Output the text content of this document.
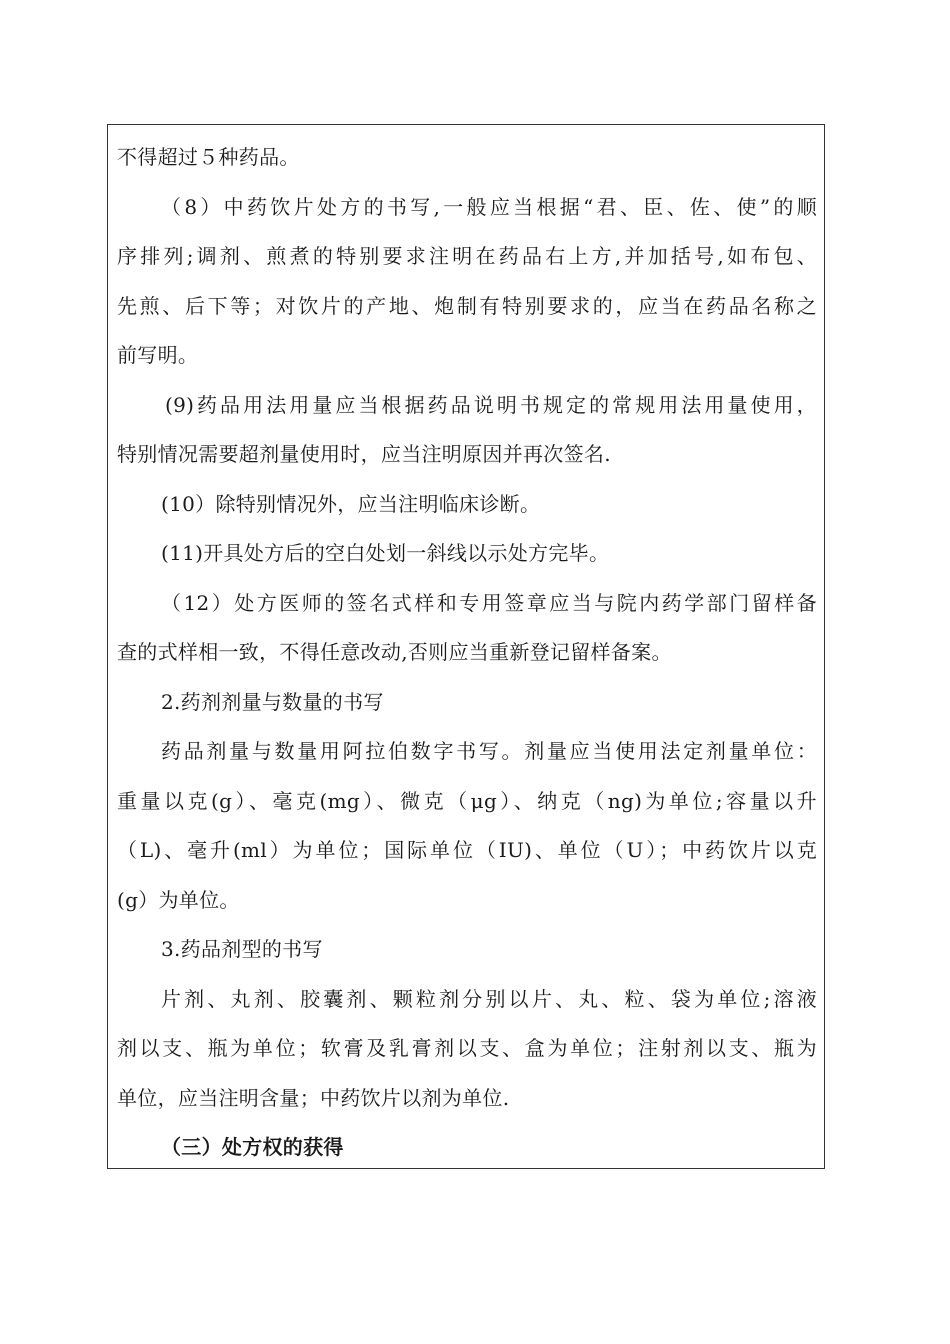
不得超过５种药品。
（8）中药饮片处方的书写,一般应当根据“君、臣、佐、使”的顺
序排列;调剂、煎煮的特别要求注明在药品右上方,并加括号,如布包、
先煎、后下等；对饮片的产地、炮制有特别要求的，应当在药品名称之
前写明。
(9)药品用法用量应当根据药品说明书规定的常规用法用量使用，
特别情况需要超剂量使用时，应当注明原因并再次签名.
(10）除特别情况外，应当注明临床诊断。
(11)开具处方后的空白处划一斜线以示处方完毕。
（12）处方医师的签名式样和专用签章应当与院内药学部门留样备
查的式样相一致，不得任意改动,否则应当重新登记留样备案。
2.药剂剂量与数量的书写
药品剂量与数量用阿拉伯数字书写。剂量应当使用法定剂量单位：
重量以克(g）、毫克(mg）、微克（μg）、纳克（ng)为单位;容量以升
（L)、毫升(ml）为单位；国际单位（IU)、单位（U）；中药饮片以克
(g）为单位。
3.药品剂型的书写
片剂、丸剂、胶囊剂、颗粒剂分别以片、丸、粒、袋为单位;溶液
剂以支、瓶为单位；软膏及乳膏剂以支、盒为单位；注射剂以支、瓶为
单位，应当注明含量；中药饮片以剂为单位.
（三）处方权的获得
